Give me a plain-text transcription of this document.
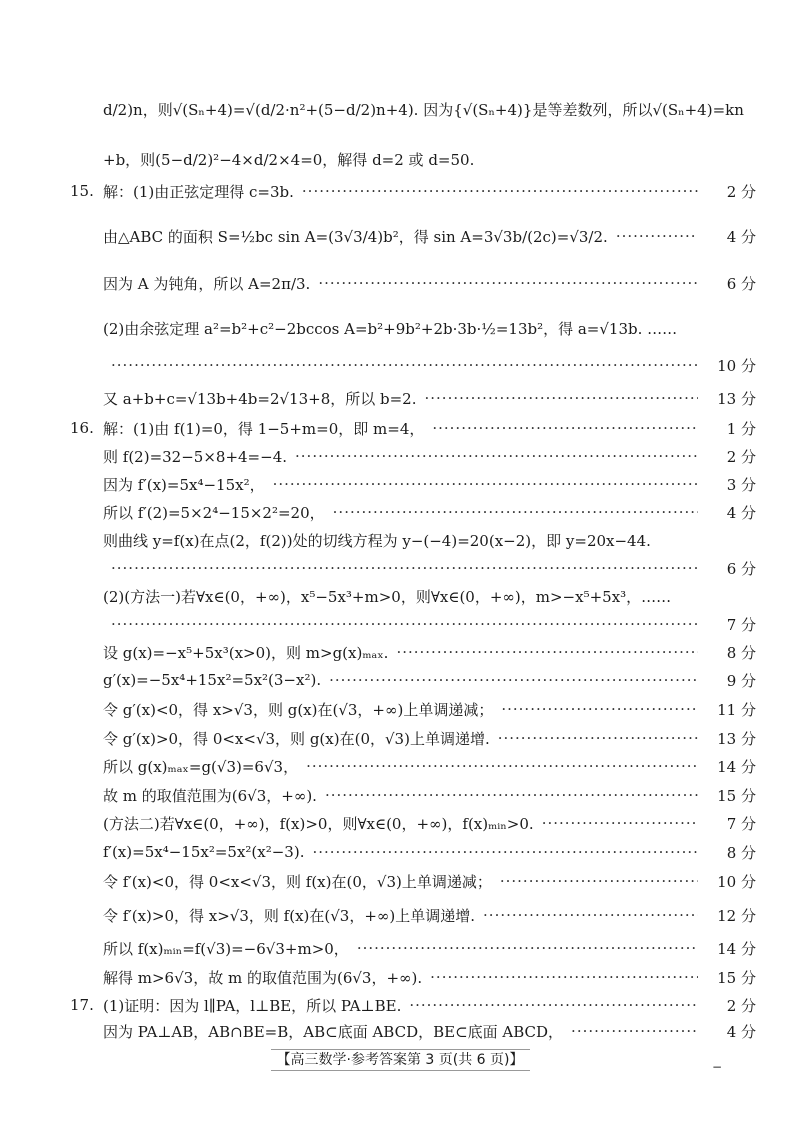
d/2)n，则√(Sₙ+4)=√(d/2·n²+(5−d/2)n+4). 因为{√(Sₙ+4)}是等差数列，所以√(Sₙ+4)=kn
+b，则(5−d/2)²−4×d/2×4=0，解得 d=2 或 d=50.
15. 解：(1)由正弦定理得 c=3b. ·····	2 分
由△ABC 的面积 S=½bc sin A=(3√3/4)b²，得 sin A=3√3b/(2c)=√3/2. ·····	4 分
因为 A 为钝角，所以 A=2π/3. ·····	6 分
(2)由余弦定理 a²=b²+c²−2bccos A=b²+9b²+2b·3b·½=13b²，得 a=√13b. ……
·····
10 分
又 a+b+c=√13b+4b=2√13+8，所以 b=2. ·····	13 分
16. 解：(1)由 f(1)=0，得 1−5+m=0，即 m=4， ·····	1 分
则 f(2)=32−5×8+4=−4. ·····	2 分
因为 f′(x)=5x⁴−15x²， ·····	3 分
所以 f′(2)=5×2⁴−15×2²=20， ·····	4 分
则曲线 y=f(x)在点(2，f(2))处的切线方程为 y−(−4)=20(x−2)，即 y=20x−44.
·····
6 分
(2)(方法一)若∀x∈(0，+∞)，x⁵−5x³+m>0，则∀x∈(0，+∞)，m>−x⁵+5x³，……
·····
7 分
设 g(x)=−x⁵+5x³(x>0)，则 m>g(x)ₘₐₓ. ·····	8 分
g′(x)=−5x⁴+15x²=5x²(3−x²). ·····	9 分
令 g′(x)<0，得 x>√3，则 g(x)在(√3，+∞)上单调递减； ·····	11 分
令 g′(x)>0，得 0<x<√3，则 g(x)在(0，√3)上单调递增. ·····	13 分
所以 g(x)ₘₐₓ=g(√3)=6√3， ·····	14 分
故 m 的取值范围为(6√3，+∞). ·····	15 分
(方法二)若∀x∈(0，+∞)，f(x)>0，则∀x∈(0，+∞)，f(x)ₘᵢₙ>0. ·····	7 分
f′(x)=5x⁴−15x²=5x²(x²−3). ·····	8 分
令 f′(x)<0，得 0<x<√3，则 f(x)在(0，√3)上单调递减； ·····	10 分
令 f′(x)>0，得 x>√3，则 f(x)在(√3，+∞)上单调递增. ·····	12 分
所以 f(x)ₘᵢₙ=f(√3)=−6√3+m>0， ·····	14 分
解得 m>6√3，故 m 的取值范围为(6√3，+∞). ·····	15 分
17. (1)证明：因为 l∥PA，l⊥BE，所以 PA⊥BE. ·····	2 分
因为 PA⊥AB，AB∩BE=B，AB⊂底面 ABCD，BE⊂底面 ABCD， ·····	4 分
【高三数学·参考答案第 3 页(共 6 页)】	−
